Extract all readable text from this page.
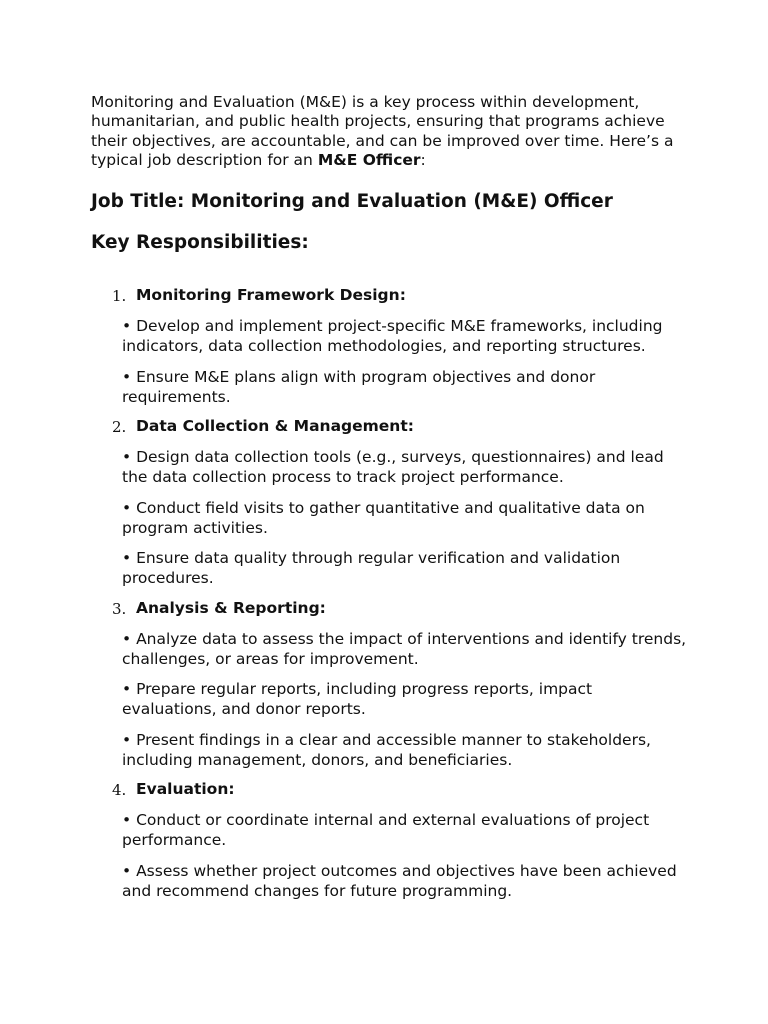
Monitoring and Evaluation (M&E) is a key process within development, humanitarian, and public health projects, ensuring that programs achieve their objectives, are accountable, and can be improved over time. Here’s a typical job description for an M&E Officer:

Job Title: Monitoring and Evaluation (M&E) Officer
Key Responsibilities:
1. Monitoring Framework Design:

• Develop and implement project-specific M&E frameworks, including indicators, data collection methodologies, and reporting structures.

• Ensure M&E plans align with program objectives and donor requirements.

2. Data Collection & Management:

• Design data collection tools (e.g., surveys, questionnaires) and lead the data collection process to track project performance.

• Conduct field visits to gather quantitative and qualitative data on program activities.

• Ensure data quality through regular verification and validation procedures.

3. Analysis & Reporting:

• Analyze data to assess the impact of interventions and identify trends, challenges, or areas for improvement.

• Prepare regular reports, including progress reports, impact evaluations, and donor reports.

• Present findings in a clear and accessible manner to stakeholders, including management, donors, and beneficiaries.

4. Evaluation:

• Conduct or coordinate internal and external evaluations of project performance.

• Assess whether project outcomes and objectives have been achieved and recommend changes for future programming.
